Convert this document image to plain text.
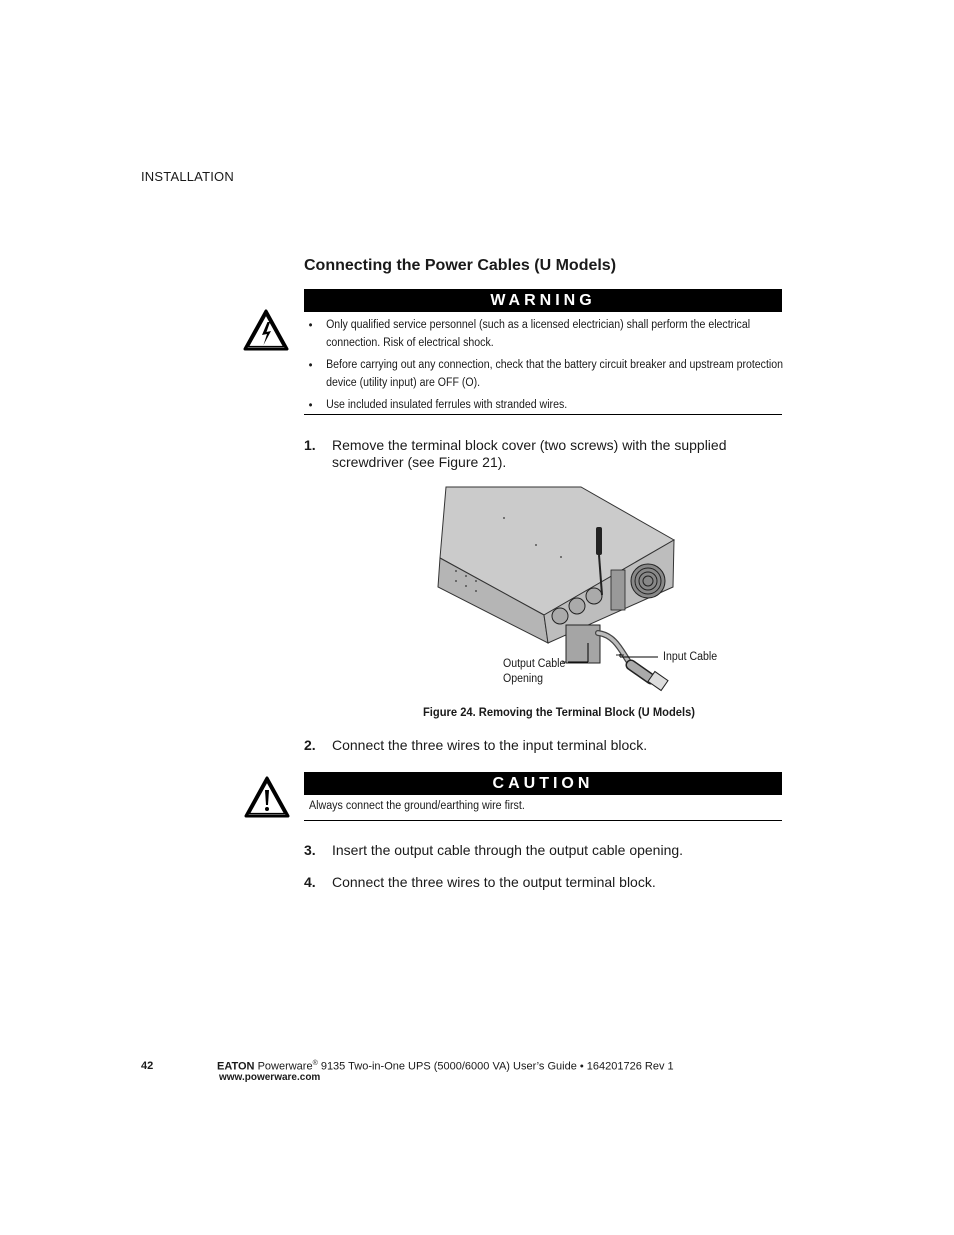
INSTALLATION
Connecting the Power Cables (U Models)
WARNING
• Only qualified service personnel (such as a licensed electrician) shall perform the electrical connection. Risk of electrical shock.
• Before carrying out any connection, check that the battery circuit breaker and upstream protection device (utility input) are OFF (O).
• Use included insulated ferrules with stranded wires.
1. Remove the terminal block cover (two screws) with the supplied screwdriver (see Figure 21).
Input Cable
Output Cable
Opening
Figure 24. Removing the Terminal Block (U Models)
2. Connect the three wires to the input terminal block.
CAUTION
Always connect the ground/earthing wire first.
3. Insert the output cable through the output cable opening.
4. Connect the three wires to the output terminal block.
42	EATON Powerware® 9135 Two-in-One UPS (5000/6000 VA) User’s Guide • 164201726 Rev 1
www.powerware.com
